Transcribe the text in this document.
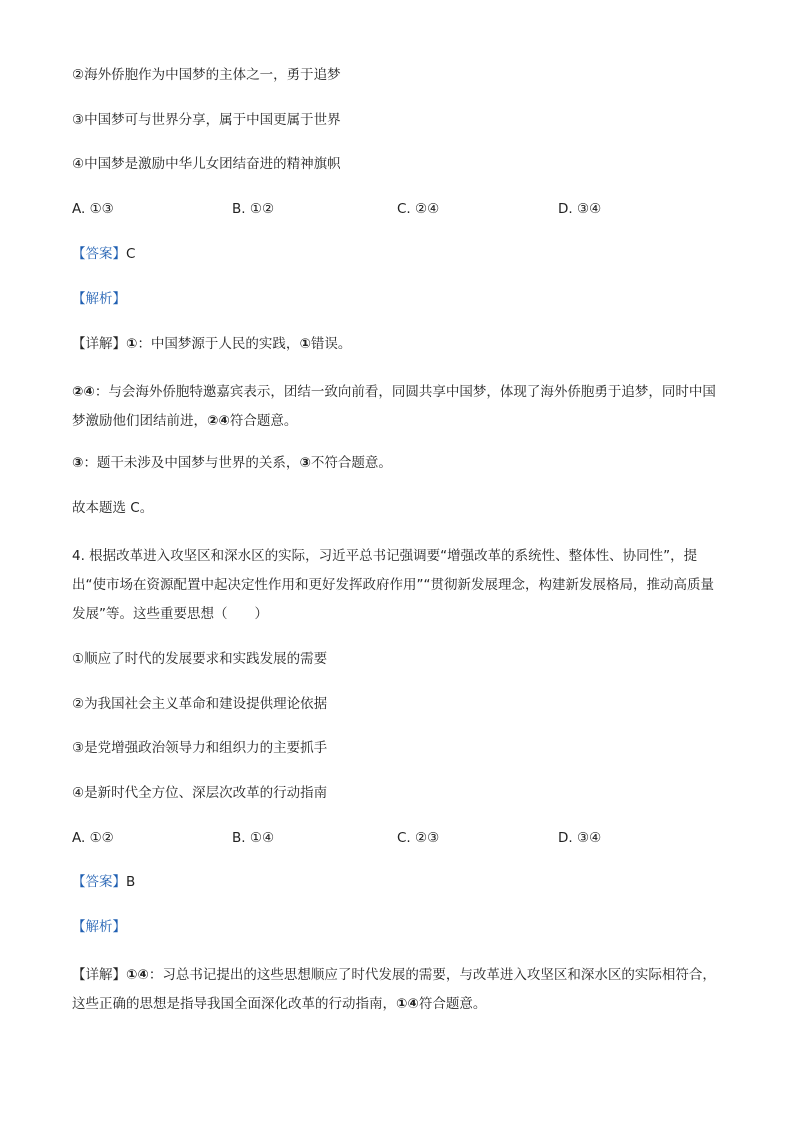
②海外侨胞作为中国梦的主体之一，勇于追梦
③中国梦可与世界分享，属于中国更属于世界
④中国梦是激励中华儿女团结奋进的精神旗帜
A. ①③	B. ①②	C. ②④	D. ③④
【答案】C
【解析】
【详解】①：中国梦源于人民的实践，①错误。
②④：与会海外侨胞特邀嘉宾表示，团结一致向前看，同圆共享中国梦，体现了海外侨胞勇于追梦，同时中国梦激励他们团结前进，②④符合题意。
③：题干未涉及中国梦与世界的关系，③不符合题意。
故本题选 C。
4. 根据改革进入攻坚区和深水区的实际，习近平总书记强调要“增强改革的系统性、整体性、协同性”，提出“使市场在资源配置中起决定性作用和更好发挥政府作用”“贯彻新发展理念，构建新发展格局，推动高质量发展”等。这些重要思想（　　）
①顺应了时代的发展要求和实践发展的需要
②为我国社会主义革命和建设提供理论依据
③是党增强政治领导力和组织力的主要抓手
④是新时代全方位、深层次改革的行动指南
A. ①②	B. ①④	C. ②③	D. ③④
【答案】B
【解析】
【详解】①④：习总书记提出的这些思想顺应了时代发展的需要，与改革进入攻坚区和深水区的实际相符合，这些正确的思想是指导我国全面深化改革的行动指南，①④符合题意。
